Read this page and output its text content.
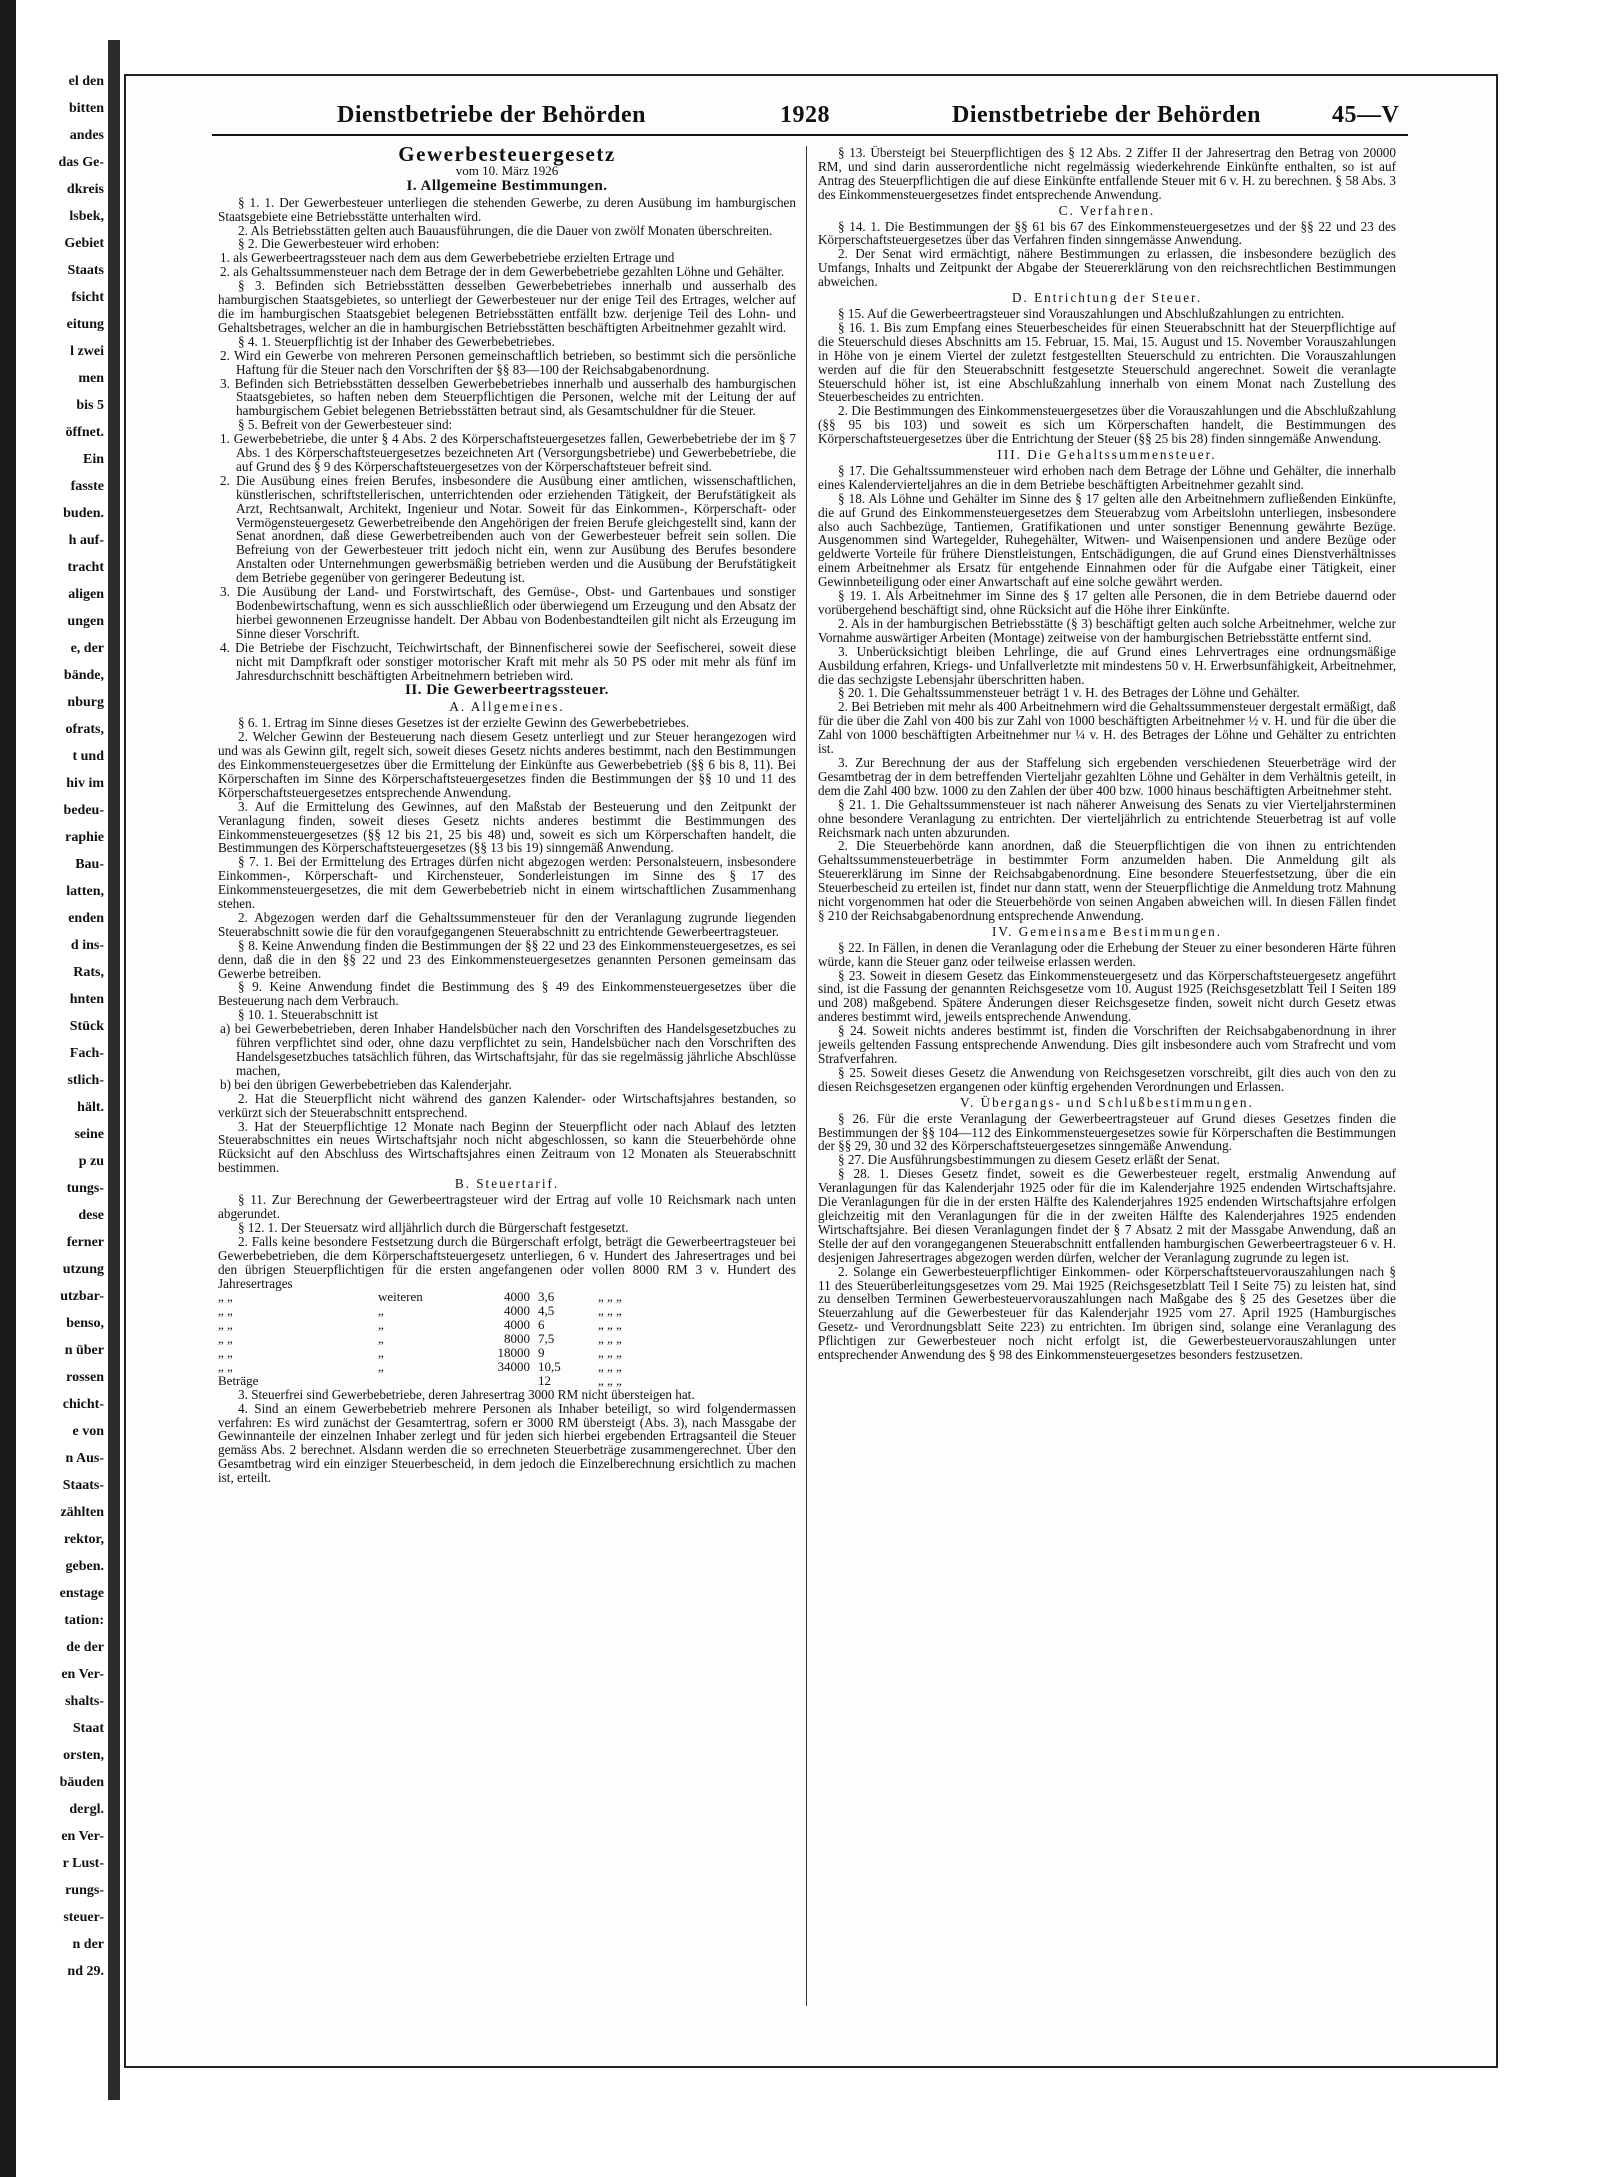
el den
bitten
andes
das Ge-
dkreis
lsbek,
Gebiet
Staats
fsicht
eitung
l zwei
men
bis 5
öffnet.
Ein
fasste
buden.
h auf-
tracht
aligen
ungen
e, der
bände,
nburg
ofrats,
t und
hiv im
bedeu-
raphie
Bau-
latten,
enden
d ins-
Rats,
hnten
Stück
Fach-
stlich-
hält.
seine
p zu
tungs-
dese
ferner
utzung
utzbar-
benso,
n über
rossen
chicht-
e von
n Aus-
Staats-
zählten
rektor,
geben.
enstage
tation:
de der
en Ver-
shalts-
Staat
orsten,
bäuden
dergl.
en Ver-
r Lust-
rungs-
steuer-
n der
nd 29.
Dienstbetriebe der Behörden	1928	Dienstbetriebe der Behörden	45—V
Gewerbesteuergesetz
vom 10. März 1926
I. Allgemeine Bestimmungen.

§ 1. 1. Der Gewerbesteuer unterliegen die stehenden Gewerbe, zu deren Ausübung im hamburgischen Staatsgebiete eine Betriebsstätte unterhalten wird.

2. Als Betriebsstätten gelten auch Bauausführungen, die die Dauer von zwölf Monaten überschreiten.

§ 2. Die Gewerbesteuer wird erhoben:

1. als Gewerbeertragssteuer nach dem aus dem Gewerbebetriebe erzielten Ertrage und

2. als Gehaltssummensteuer nach dem Betrage der in dem Gewerbebetriebe gezahlten Löhne und Gehälter.

§ 3. Befinden sich Betriebsstätten desselben Gewerbebetriebes innerhalb und ausserhalb des hamburgischen Staatsgebietes, so unterliegt der Gewerbesteuer nur der enige Teil des Ertrages, welcher auf die im hamburgischen Staatsgebiet belegenen Betriebsstätten entfällt bzw. derjenige Teil des Lohn- und Gehaltsbetrages, welcher an die in hamburgischen Betriebsstätten beschäftigten Arbeitnehmer gezahlt wird.

§ 4. 1. Steuerpflichtig ist der Inhaber des Gewerbebetriebes.

2. Wird ein Gewerbe von mehreren Personen gemeinschaftlich betrieben, so bestimmt sich die persönliche Haftung für die Steuer nach den Vorschriften der §§ 83—100 der Reichsabgabenordnung.

3. Befinden sich Betriebsstätten desselben Gewerbebetriebes innerhalb und ausserhalb des hamburgischen Staatsgebietes, so haften neben dem Steuerpflichtigen die Personen, welche mit der Leitung der auf hamburgischem Gebiet belegenen Betriebsstätten betraut sind, als Gesamtschuldner für die Steuer.

§ 5. Befreit von der Gewerbesteuer sind:

1. Gewerbebetriebe, die unter § 4 Abs. 2 des Körperschaftsteuergesetzes fallen, Gewerbebetriebe der im § 7 Abs. 1 des Körperschaftsteuergesetzes bezeichneten Art (Versorgungsbetriebe) und Gewerbebetriebe, die auf Grund des § 9 des Körperschaftsteuergesetzes von der Körperschaftsteuer befreit sind.

2. Die Ausübung eines freien Berufes, insbesondere die Ausübung einer amtlichen, wissenschaftlichen, künstlerischen, schriftstellerischen, unterrichtenden oder erziehenden Tätigkeit, der Berufstätigkeit als Arzt, Rechtsanwalt, Architekt, Ingenieur und Notar. Soweit für das Einkommen-, Körperschaft- oder Vermögensteuergesetz Gewerbetreibende den Angehörigen der freien Berufe gleichgestellt sind, kann der Senat anordnen, daß diese Gewerbetreibenden auch von der Gewerbesteuer befreit sein sollen. Die Befreiung von der Gewerbesteuer tritt jedoch nicht ein, wenn zur Ausübung des Berufes besondere Anstalten oder Unternehmungen gewerbsmäßig betrieben werden und die Ausübung der Berufstätigkeit dem Betriebe gegenüber von geringerer Bedeutung ist.

3. Die Ausübung der Land- und Forstwirtschaft, des Gemüse-, Obst- und Gartenbaues und sonstiger Bodenbewirtschaftung, wenn es sich ausschließlich oder überwiegend um Erzeugung und den Absatz der hierbei gewonnenen Erzeugnisse handelt. Der Abbau von Bodenbestandteilen gilt nicht als Erzeugung im Sinne dieser Vorschrift.

4. Die Betriebe der Fischzucht, Teichwirtschaft, der Binnenfischerei sowie der Seefischerei, soweit diese nicht mit Dampfkraft oder sonstiger motorischer Kraft mit mehr als 50 PS oder mit mehr als fünf im Jahresdurchschnitt beschäftigten Arbeitnehmern betrieben wird.

II. Die Gewerbeertragssteuer.
A. Allgemeines.

§ 6. 1. Ertrag im Sinne dieses Gesetzes ist der erzielte Gewinn des Gewerbebetriebes.

2. Welcher Gewinn der Besteuerung nach diesem Gesetz unterliegt und zur Steuer herangezogen wird und was als Gewinn gilt, regelt sich, soweit dieses Gesetz nichts anderes bestimmt, nach den Bestimmungen des Einkommensteuergesetzes über die Ermittelung der Einkünfte aus Gewerbebetrieb (§§ 6 bis 8, 11). Bei Körperschaften im Sinne des Körperschaftsteuergesetzes finden die Bestimmungen der §§ 10 und 11 des Körperschaftsteuergesetzes entsprechende Anwendung.

3. Auf die Ermittelung des Gewinnes, auf den Maßstab der Besteuerung und den Zeitpunkt der Veranlagung finden, soweit dieses Gesetz nichts anderes bestimmt die Bestimmungen des Einkommensteuergesetzes (§§ 12 bis 21, 25 bis 48) und, soweit es sich um Körperschaften handelt, die Bestimmungen des Körperschaftsteuergesetzes (§§ 13 bis 19) sinngemäß Anwendung.

§ 7. 1. Bei der Ermittelung des Ertrages dürfen nicht abgezogen werden: Personalsteuern, insbesondere Einkommen-, Körperschaft- und Kirchensteuer, Sonderleistungen im Sinne des § 17 des Einkommensteuergesetzes, die mit dem Gewerbebetrieb nicht in einem wirtschaftlichen Zusammenhang stehen.

2. Abgezogen werden darf die Gehaltssummensteuer für den der Veranlagung zugrunde liegenden Steuerabschnitt sowie die für den voraufgegangenen Steuerabschnitt zu entrichtende Gewerbeertragsteuer.

§ 8. Keine Anwendung finden die Bestimmungen der §§ 22 und 23 des Einkommensteuergesetzes, es sei denn, daß die in den §§ 22 und 23 des Einkommensteuergesetzes genannten Personen gemeinsam das Gewerbe betreiben.

§ 9. Keine Anwendung findet die Bestimmung des § 49 des Einkommensteuergesetzes über die Besteuerung nach dem Verbrauch.

§ 10. 1. Steuerabschnitt ist

a) bei Gewerbebetrieben, deren Inhaber Handelsbücher nach den Vorschriften des Handelsgesetzbuches zu führen verpflichtet sind oder, ohne dazu verpflichtet zu sein, Handelsbücher nach den Vorschriften des Handelsgesetzbuches tatsächlich führen, das Wirtschaftsjahr, für das sie regelmässig jährliche Abschlüsse machen,

b) bei den übrigen Gewerbebetrieben das Kalenderjahr.

2. Hat die Steuerpflicht nicht während des ganzen Kalender- oder Wirtschaftsjahres bestanden, so verkürzt sich der Steuerabschnitt entsprechend.

3. Hat der Steuerpflichtige 12 Monate nach Beginn der Steuerpflicht oder nach Ablauf des letzten Steuerabschnittes ein neues Wirtschaftsjahr noch nicht abgeschlossen, so kann die Steuerbehörde ohne Rücksicht auf den Abschluss des Wirtschaftsjahres einen Zeitraum von 12 Monaten als Steuerabschnitt bestimmen.

B. Steuertarif.

§ 11. Zur Berechnung der Gewerbeertragsteuer wird der Ertrag auf volle 10 Reichsmark nach unten abgerundet.

§ 12. 1. Der Steuersatz wird alljährlich durch die Bürgerschaft festgesetzt.

2. Falls keine besondere Festsetzung durch die Bürgerschaft erfolgt, beträgt die Gewerbeertragsteuer bei Gewerbebetrieben, die dem Körperschaftsteuergesetz unterliegen, 6 v. Hundert des Jahresertrages und bei den übrigen Steuerpflichtigen für die ersten angefangenen oder vollen 8000 RM 3 v. Hundert des Jahresertrages

„ „	weiteren	4000 3,6	„ „ „
„ „	„	4000 4,5	„ „ „
„ „	„	4000 6	„ „ „
„ „	„	8000 7,5	„ „ „
„ „	„	18000 9	„ „ „
„ „	„	34000 10,5	„ „ „
Beträge	12	„ „ „

3. Steuerfrei sind Gewerbebetriebe, deren Jahresertrag 3000 RM nicht übersteigen hat.

4. Sind an einem Gewerbebetrieb mehrere Personen als Inhaber beteiligt, so wird folgendermassen verfahren: Es wird zunächst der Gesamtertrag, sofern er 3000 RM übersteigt (Abs. 3), nach Massgabe der Gewinnanteile der einzelnen Inhaber zerlegt und für jeden sich hierbei ergebenden Ertragsanteil die Steuer gemäss Abs. 2 berechnet. Alsdann werden die so errechneten Steuerbeträge zusammengerechnet. Über den Gesamtbetrag wird ein einziger Steuerbescheid, in dem jedoch die Einzelberechnung ersichtlich zu machen ist, erteilt.

§ 13. Übersteigt bei Steuerpflichtigen des § 12 Abs. 2 Ziffer II der Jahresertrag den Betrag von 20000 RM, und sind darin ausserordentliche nicht regelmässig wiederkehrende Einkünfte enthalten, so ist auf Antrag des Steuerpflichtigen die auf diese Einkünfte entfallende Steuer mit 6 v. H. zu berechnen. § 58 Abs. 3 des Einkommensteuergesetzes findet entsprechende Anwendung.

C. Verfahren.

§ 14. 1. Die Bestimmungen der §§ 61 bis 67 des Einkommensteuergesetzes und der §§ 22 und 23 des Körperschaftsteuergesetzes über das Verfahren finden sinngemässe Anwendung.

2. Der Senat wird ermächtigt, nähere Bestimmungen zu erlassen, die insbesondere bezüglich des Umfangs, Inhalts und Zeitpunkt der Abgabe der Steuererklärung von den reichsrechtlichen Bestimmungen abweichen.

D. Entrichtung der Steuer.

§ 15. Auf die Gewerbeertragsteuer sind Vorauszahlungen und Abschlußzahlungen zu entrichten.

§ 16. 1. Bis zum Empfang eines Steuerbescheides für einen Steuerabschnitt hat der Steuerpflichtige auf die Steuerschuld dieses Abschnitts am 15. Februar, 15. Mai, 15. August und 15. November Vorauszahlungen in Höhe von je einem Viertel der zuletzt festgestellten Steuerschuld zu entrichten. Die Vorauszahlungen werden auf die für den Steuerabschnitt festgesetzte Steuerschuld angerechnet. Soweit die veranlagte Steuerschuld höher ist, ist eine Abschlußzahlung innerhalb von einem Monat nach Zustellung des Steuerbescheides zu entrichten.

2. Die Bestimmungen des Einkommensteuergesetzes über die Vorauszahlungen und die Abschlußzahlung (§§ 95 bis 103) und soweit es sich um Körperschaften handelt, die Bestimmungen des Körperschaftsteuergesetzes über die Entrichtung der Steuer (§§ 25 bis 28) finden sinngemäße Anwendung.

III. Die Gehaltssummensteuer.

§ 17. Die Gehaltssummensteuer wird erhoben nach dem Betrage der Löhne und Gehälter, die innerhalb eines Kalendervierteljahres an die in dem Betriebe beschäftigten Arbeitnehmer gezahlt sind.

§ 18. Als Löhne und Gehälter im Sinne des § 17 gelten alle den Arbeitnehmern zufließenden Einkünfte, die auf Grund des Einkommensteuergesetzes dem Steuerabzug vom Arbeitslohn unterliegen, insbesondere also auch Sachbezüge, Tantiemen, Gratifikationen und unter sonstiger Benennung gewährte Bezüge. Ausgenommen sind Wartegelder, Ruhegehälter, Witwen- und Waisenpensionen und andere Bezüge oder geldwerte Vorteile für frühere Dienstleistungen, Entschädigungen, die auf Grund eines Dienstverhältnisses einem Arbeitnehmer als Ersatz für entgehende Einnahmen oder für die Aufgabe einer Tätigkeit, einer Gewinnbeteiligung oder einer Anwartschaft auf eine solche gewährt werden.

§ 19. 1. Als Arbeitnehmer im Sinne des § 17 gelten alle Personen, die in dem Betriebe dauernd oder vorübergehend beschäftigt sind, ohne Rücksicht auf die Höhe ihrer Einkünfte.

2. Als in der hamburgischen Betriebsstätte (§ 3) beschäftigt gelten auch solche Arbeitnehmer, welche zur Vornahme auswärtiger Arbeiten (Montage) zeitweise von der hamburgischen Betriebsstätte entfernt sind.

3. Unberücksichtigt bleiben Lehrlinge, die auf Grund eines Lehrvertrages eine ordnungsmäßige Ausbildung erfahren, Kriegs- und Unfallverletzte mit mindestens 50 v. H. Erwerbsunfähigkeit, Arbeitnehmer, die das sechzigste Lebensjahr überschritten haben.

§ 20. 1. Die Gehaltssummensteuer beträgt 1 v. H. des Betrages der Löhne und Gehälter.

2. Bei Betrieben mit mehr als 400 Arbeitnehmern wird die Gehaltssummensteuer dergestalt ermäßigt, daß für die über die Zahl von 400 bis zur Zahl von 1000 beschäftigten Arbeitnehmer ½ v. H. und für die über die Zahl von 1000 beschäftigten Arbeitnehmer nur ¼ v. H. des Betrages der Löhne und Gehälter zu entrichten ist.

3. Zur Berechnung der aus der Staffelung sich ergebenden verschiedenen Steuerbeträge wird der Gesamtbetrag der in dem betreffenden Vierteljahr gezahlten Löhne und Gehälter in dem Verhältnis geteilt, in dem die Zahl 400 bzw. 1000 zu den Zahlen der über 400 bzw. 1000 hinaus beschäftigten Arbeitnehmer steht.

§ 21. 1. Die Gehaltssummensteuer ist nach näherer Anweisung des Senats zu vier Vierteljahrsterminen ohne besondere Veranlagung zu entrichten. Der vierteljährlich zu entrichtende Steuerbetrag ist auf volle Reichsmark nach unten abzurunden.

2. Die Steuerbehörde kann anordnen, daß die Steuerpflichtigen die von ihnen zu entrichtenden Gehaltssummensteuerbeträge in bestimmter Form anzumelden haben. Die Anmeldung gilt als Steuererklärung im Sinne der Reichsabgabenordnung. Eine besondere Steuerfestsetzung, über die ein Steuerbescheid zu erteilen ist, findet nur dann statt, wenn der Steuerpflichtige die Anmeldung trotz Mahnung nicht vorgenommen hat oder die Steuerbehörde von seinen Angaben abweichen will. In diesen Fällen findet § 210 der Reichsabgabenordnung entsprechende Anwendung.

IV. Gemeinsame Bestimmungen.

§ 22. In Fällen, in denen die Veranlagung oder die Erhebung der Steuer zu einer besonderen Härte führen würde, kann die Steuer ganz oder teilweise erlassen werden.

§ 23. Soweit in diesem Gesetz das Einkommensteuergesetz und das Körperschaftsteuergesetz angeführt sind, ist die Fassung der genannten Reichsgesetze vom 10. August 1925 (Reichsgesetzblatt Teil I Seiten 189 und 208) maßgebend. Spätere Änderungen dieser Reichsgesetze finden, soweit nicht durch Gesetz etwas anderes bestimmt wird, jeweils entsprechende Anwendung.

§ 24. Soweit nichts anderes bestimmt ist, finden die Vorschriften der Reichsabgabenordnung in ihrer jeweils geltenden Fassung entsprechende Anwendung. Dies gilt insbesondere auch vom Strafrecht und vom Strafverfahren.

§ 25. Soweit dieses Gesetz die Anwendung von Reichsgesetzen vorschreibt, gilt dies auch von den zu diesen Reichsgesetzen ergangenen oder künftig ergehenden Verordnungen und Erlassen.

V. Übergangs- und Schlußbestimmungen.

§ 26. Für die erste Veranlagung der Gewerbeertragsteuer auf Grund dieses Gesetzes finden die Bestimmungen der §§ 104—112 des Einkommensteuergesetzes sowie für Körperschaften die Bestimmungen der §§ 29, 30 und 32 des Körperschaftsteuergesetzes sinngemäße Anwendung.

§ 27. Die Ausführungsbestimmungen zu diesem Gesetz erläßt der Senat.

§ 28. 1. Dieses Gesetz findet, soweit es die Gewerbesteuer regelt, erstmalig Anwendung auf Veranlagungen für das Kalenderjahr 1925 oder für die im Kalenderjahre 1925 endenden Wirtschaftsjahre. Die Veranlagungen für die in der ersten Hälfte des Kalenderjahres 1925 endenden Wirtschaftsjahre erfolgen gleichzeitig mit den Veranlagungen für die in der zweiten Hälfte des Kalenderjahres 1925 endenden Wirtschaftsjahre. Bei diesen Veranlagungen findet der § 7 Absatz 2 mit der Massgabe Anwendung, daß an Stelle der auf den vorangegangenen Steuerabschnitt entfallenden hamburgischen Gewerbeertragsteuer 6 v. H. desjenigen Jahresertrages abgezogen werden dürfen, welcher der Veranlagung zugrunde zu legen ist.

2. Solange ein Gewerbesteuerpflichtiger Einkommen- oder Körperschaftsteuervorauszahlungen nach § 11 des Steuerüberleitungsgesetzes vom 29. Mai 1925 (Reichsgesetzblatt Teil I Seite 75) zu leisten hat, sind zu denselben Terminen Gewerbesteuervorauszahlungen nach Maßgabe des § 25 des Gesetzes über die Steuerzahlung auf die Gewerbesteuer für das Kalenderjahr 1925 vom 27. April 1925 (Hamburgisches Gesetz- und Verordnungsblatt Seite 223) zu entrichten. Im übrigen sind, solange eine Veranlagung des Pflichtigen zur Gewerbesteuer noch nicht erfolgt ist, die Gewerbesteuervorauszahlungen unter entsprechender Anwendung des § 98 des Einkommensteuergesetzes besonders festzusetzen.
